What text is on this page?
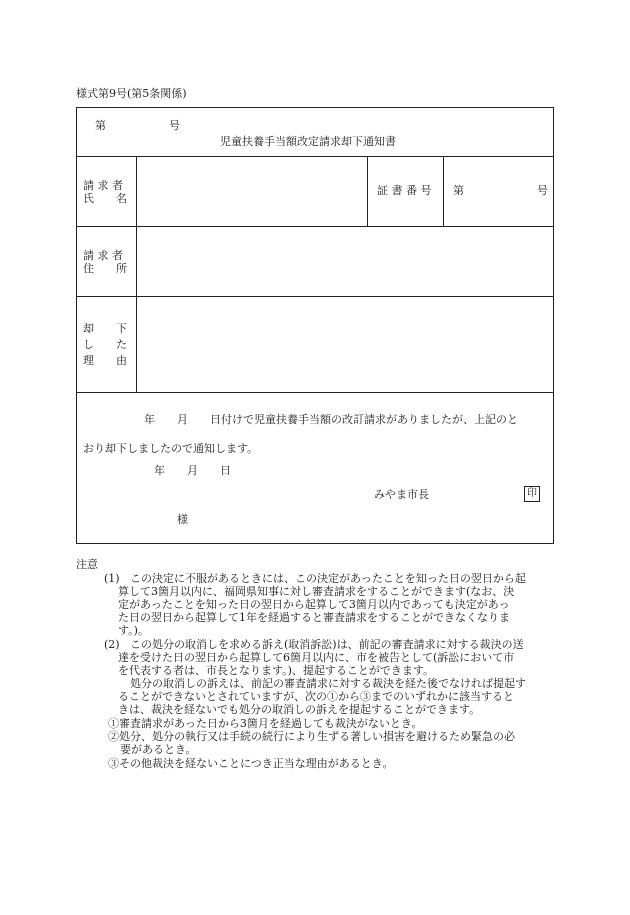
様式第9号(第5条関係)
第	号
児童扶養手当額改定請求却下通知書
請 求 者
氏　　名
証 書 番 号 第	号
請 求 者
住　　所
却　　下
し　　た
理　　由
年　　月　　日付けで児童扶養手当額の改訂請求がありましたが、上記のと
おり却下しましたので通知します。
年　　月　　日
みやま市長
様
印
注意
(1) この決定に不服があるときには、この決定があったことを知った日の翌日から起
算して3箇月以内に、福岡県知事に対し審査請求をすることができます(なお、決
定があったことを知った日の翌日から起算して3箇月以内であっても決定があっ
た日の翌日から起算して1年を経過すると審査請求をすることができなくなりま
す。)。
(2) この処分の取消しを求める訴え(取消訴訟)は、前記の審査請求に対する裁決の送
達を受けた日の翌日から起算して6箇月以内に、市を被告として(訴訟において市
を代表する者は、市長となります。)、提起することができます。
処分の取消しの訴えは、前記の審査請求に対する裁決を経た後でなければ提起す
ることができないとされていますが、次の①から③までのいずれかに該当すると
きは、裁決を経ないでも処分の取消しの訴えを提起することができます。
①審査請求があった日から3箇月を経過しても裁決がないとき。
②処分、処分の執行又は手続の続行により生ずる著しい損害を避けるため緊急の必
要があるとき。
③その他裁決を経ないことにつき正当な理由があるとき。
